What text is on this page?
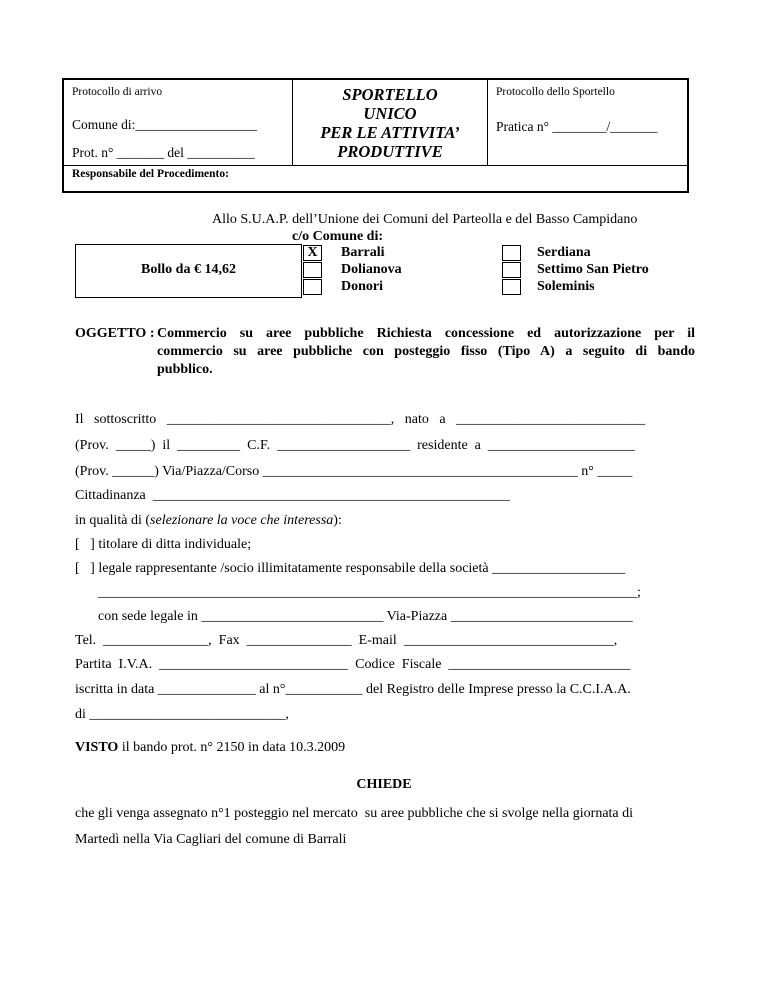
Protocollo di arrivo
Comune di:__________________
Prot. n° _______ del __________
SPORTELLO
UNICO
PER LE ATTIVITA’
PRODUTTIVE
Protocollo dello Sportello
Pratica n° ________/_______
Responsabile del Procedimento:
Allo S.U.A.P. dell’Unione dei Comuni del Parteolla e del Basso Campidano
c/o Comune di:
Bollo da € 14,62
X	Barrali
Dolianova
Donori
Serdiana
Settimo San Pietro
Soleminis
OGGETTO : Commercio su aree pubbliche Richiesta concessione ed autorizzazione per il
commercio su aree pubbliche con posteggio fisso (Tipo A) a seguito di bando
pubblico.
Il   sottoscritto   ________________________________,   nato   a   ___________________________
(Prov.  _____)  il  _________  C.F.  ___________________  residente  a  _____________________
(Prov. ______) Via/Piazza/Corso _____________________________________________ n° _____
Cittadinanza  ___________________________________________________
in qualità di (selezionare la voce che interessa):
[   ] titolare di ditta individuale;
[   ] legale rappresentante /socio illimitatamente responsabile della società ___________________
_____________________________________________________________________________;
con sede legale in __________________________ Via-Piazza __________________________
Tel.  _______________,  Fax  _______________  E-mail  ______________________________,
Partita  I.V.A.  ___________________________  Codice  Fiscale  __________________________
iscritta in data ______________ al n°___________ del Registro delle Imprese presso la C.C.I.A.A.
di ____________________________,
VISTO il bando prot. n° 2150 in data 10.3.2009
CHIEDE
che gli venga assegnato n°1 posteggio nel mercato  su aree pubbliche che si svolge nella giornata di
Martedì nella Via Cagliari del comune di Barrali
